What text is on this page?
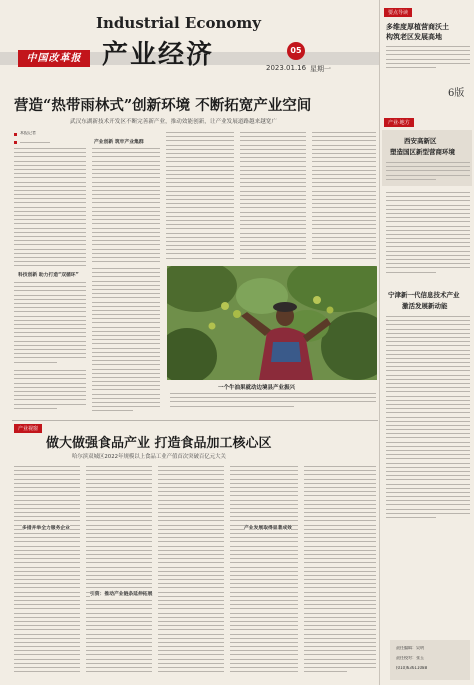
中国改革报
Industrial Economy
产业经济	05
2023.01.16 星期一
要点导读
多维度厚植营商沃土
构筑老区发展高地
6版
产业·地方
西安高新区
塑造国区新型营商环境
宁津新一代信息技术产业
激活发展新动能
责任编辑：吴明
责任校对：张玉
(010)63611088
营造“热带雨林式”创新环境 不断拓宽产业空间
武汉东湖新技术开发区不断完善新产业，推动效能创新，让产业发展道路越来越宽广
本报记者
科技创新 助力打造“双循环”
产业创新 筑牢产业集群
一个牛油果就动边境县产业振兴
产业视窗
做大做强食品产业 打造食品加工核心区
哈尔滨双城区2022年规模以上食品工业产值首次突破百亿元大关
多措并举全力服务企业
引资：推动产业链条延伸拓展
产业发展取得显著成效
